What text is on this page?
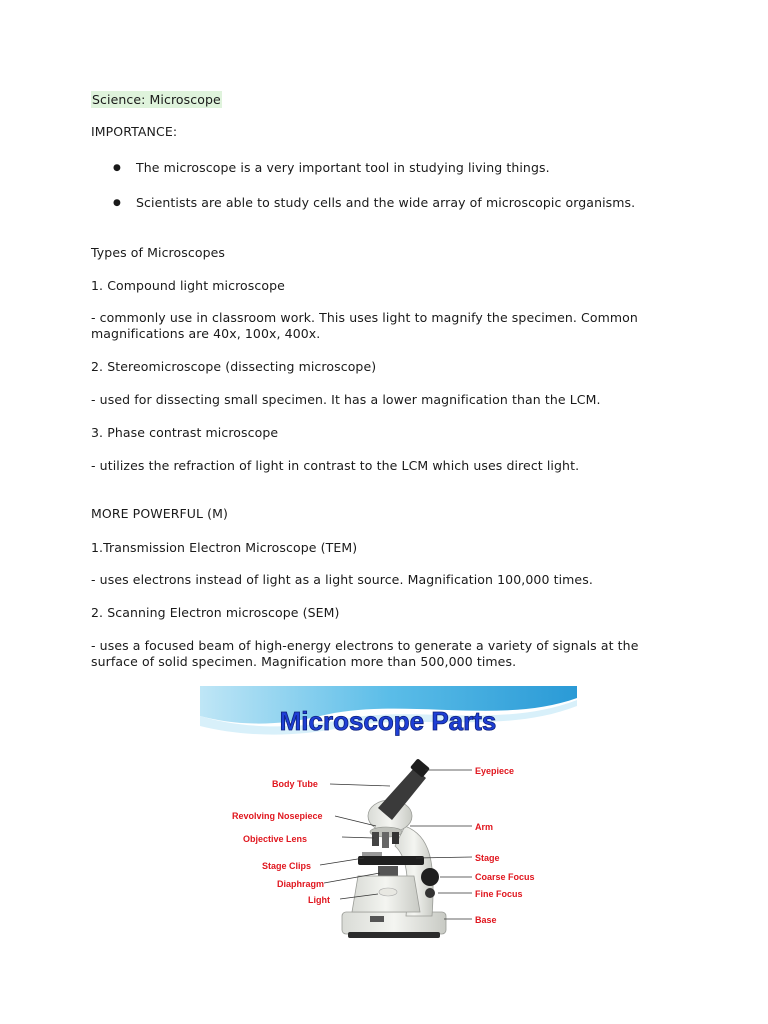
Science: Microscope
IMPORTANCE:
● The microscope is a very important tool in studying living things.
● Scientists are able to study cells and the wide array of microscopic organisms.
Types of Microscopes
1. Compound light microscope
- commonly use in classroom work. This uses light to magnify the specimen. Common magnifications are 40x, 100x, 400x.
2. Stereomicroscope (dissecting microscope)
- used for dissecting small specimen. It has a lower magnification than the LCM.
3. Phase contrast microscope
- utilizes the refraction of light in contrast to the LCM which uses direct light.
MORE POWERFUL (M)
1.Transmission Electron Microscope (TEM)
- uses electrons instead of light as a light source. Magnification 100,000 times.
2. Scanning Electron microscope (SEM)
- uses a focused beam of high-energy electrons to generate a variety of signals at the surface of solid specimen. Magnification more than 500,000 times.
Microscope Parts
Body Tube
Revolving Nosepiece
Objective Lens
Stage Clips
Diaphragm
Light
Eyepiece
Arm
Stage
Coarse Focus
Fine Focus
Base
